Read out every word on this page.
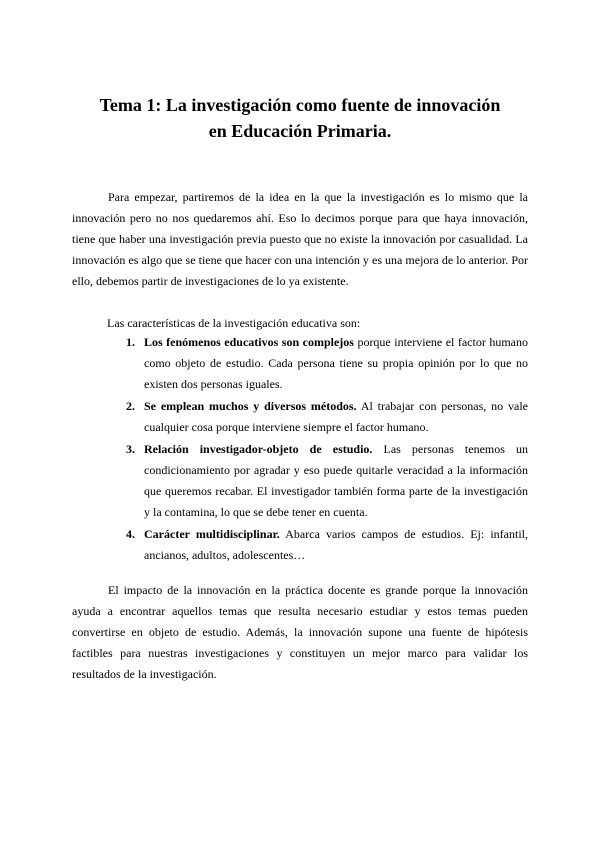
Tema 1: La investigación como fuente de innovación
en Educación Primaria.

Para empezar, partiremos de la idea en la que la investigación es lo mismo que la innovación pero no nos quedaremos ahí. Eso lo decimos porque para que haya innovación, tiene que haber una investigación previa puesto que no existe la innovación por casualidad. La innovación es algo que se tiene que hacer con una intención y es una mejora de lo anterior. Por ello, debemos partir de investigaciones de lo ya existente.

Las características de la investigación educativa son:

1. Los fenómenos educativos son complejos porque interviene el factor humano como objeto de estudio. Cada persona tiene su propia opinión por lo que no existen dos personas iguales.
2. Se emplean muchos y diversos métodos. Al trabajar con personas, no vale cualquier cosa porque interviene siempre el factor humano.
3. Relación investigador-objeto de estudio. Las personas tenemos un condicionamiento por agradar y eso puede quitarle veracidad a la información que queremos recabar. El investigador también forma parte de la investigación y la contamina, lo que se debe tener en cuenta.
4. Carácter multidisciplinar. Abarca varios campos de estudios. Ej: infantil, ancianos, adultos, adolescentes…

El impacto de la innovación en la práctica docente es grande porque la innovación ayuda a encontrar aquellos temas que resulta necesario estudiar y estos temas pueden convertirse en objeto de estudio. Además, la innovación supone una fuente de hipótesis factibles para nuestras investigaciones y constituyen un mejor marco para validar los resultados de la investigación.
